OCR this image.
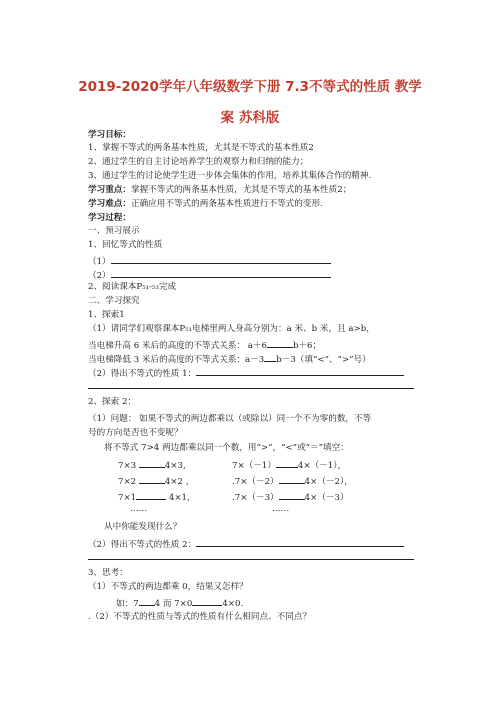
2019-2020学年八年级数学下册 7.3不等式的性质 教学
案 苏科版
学习目标：
1、掌握不等式的两条基本性质，尤其是不等式的基本性质2
2、通过学生的自主讨论培养学生的观察力和归纳的能力；
3、通过学生的讨论使学生进一步体会集体的作用，培养其集体合作的精神.
学习重点：掌握不等式的两条基本性质，尤其是不等式的基本性质2；
学习难点：正确应用不等式的两条基本性质进行不等式的变形.
学习过程：
一、预习展示
1、回忆等式的性质
（1）
（2）
2、阅读课本P₅₁-₅₃完成
二、学习探究
1、探索1
（1）请同学们观察课本P₅₁电梯里两人身高分别为：a 米、b 米，且 a>b，
当电梯升高 6 米后的高度的不等式关系： a＋6	b＋6；
当电梯降低 3 米后的高度的不等式关系：a－3 b－3（填“<”、“>”号）
（2）得出不等式的性质 1：
2、探索 2：
（1）问题： 如果不等式的两边都乘以（或除以）同一个不为零的数，不等
号的方向是否也不变呢？
将不等式 7>4 两边都乘以同一个数，用“>”，“<”或“＝”填空：
7×3	4×3,	7×（－1）	4×（－1），
7×2	4×2 ，	.7×（－2）	4×（－2），
7×1	4×1,	.7×（－3）	4×（－3）
……	……
从中你能发现什么？
（2）得出不等式的性质 2：
3、思考：
（1）不等式的两边都乘 0，结果又怎样？
如：7 4 而 7×0	4×0.
.（2）不等式的性质与等式的性质有什么相同点、不同点？
